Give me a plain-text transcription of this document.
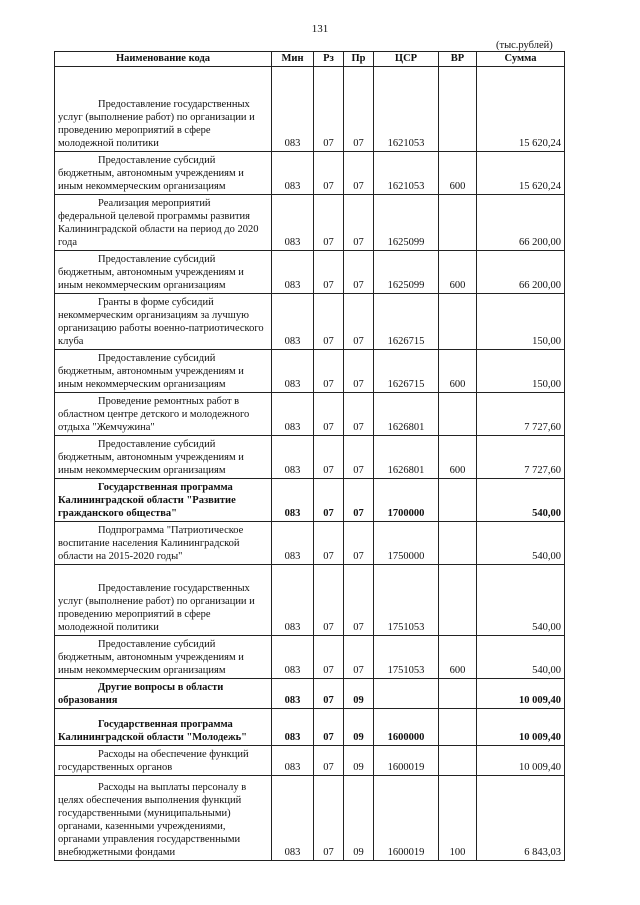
131
(тыс.рублей)
Наименование кода	Мин	Рз	Пр	ЦСР	ВР	Сумма
Предоставление государственных услуг (выполнение работ) по организации и проведению мероприятий в сфере молодежной политики	083	07	07	1621053		15 620,24
Предоставление субсидий бюджетным, автономным учреждениям и иным некоммерческим организациям	083	07	07	1621053	600	15 620,24
Реализация мероприятий федеральной целевой программы развития Калининградской области на период до 2020 года	083	07	07	1625099		66 200,00
Предоставление субсидий бюджетным, автономным учреждениям и иным некоммерческим организациям	083	07	07	1625099	600	66 200,00
Гранты в форме субсидий некоммерческим организациям за лучшую организацию работы военно-патриотического клуба	083	07	07	1626715		150,00
Предоставление субсидий бюджетным, автономным учреждениям и иным некоммерческим организациям	083	07	07	1626715	600	150,00
Проведение ремонтных работ в областном центре детского и молодежного отдыха "Жемчужина"	083	07	07	1626801		7 727,60
Предоставление субсидий бюджетным, автономным учреждениям и иным некоммерческим организациям	083	07	07	1626801	600	7 727,60
Государственная программа Калининградской области "Развитие гражданского общества"	083	07	07	1700000		540,00
Подпрограмма "Патриотическое воспитание населения Калининградской области на 2015-2020 годы"	083	07	07	1750000		540,00
Предоставление государственных услуг (выполнение работ) по организации и проведению мероприятий в сфере молодежной политики	083	07	07	1751053		540,00
Предоставление субсидий бюджетным, автономным учреждениям и иным некоммерческим организациям	083	07	07	1751053	600	540,00
Другие вопросы в области образования	083	07	09			10 009,40
Государственная программа Калининградской области "Молодежь"	083	07	09	1600000		10 009,40
Расходы на обеспечение функций государственных органов	083	07	09	1600019		10 009,40
Расходы на выплаты персоналу в целях обеспечения выполнения функций государственными (муниципальными) органами, казенными учреждениями, органами управления государственными внебюджетными фондами	083	07	09	1600019	100	6 843,03
